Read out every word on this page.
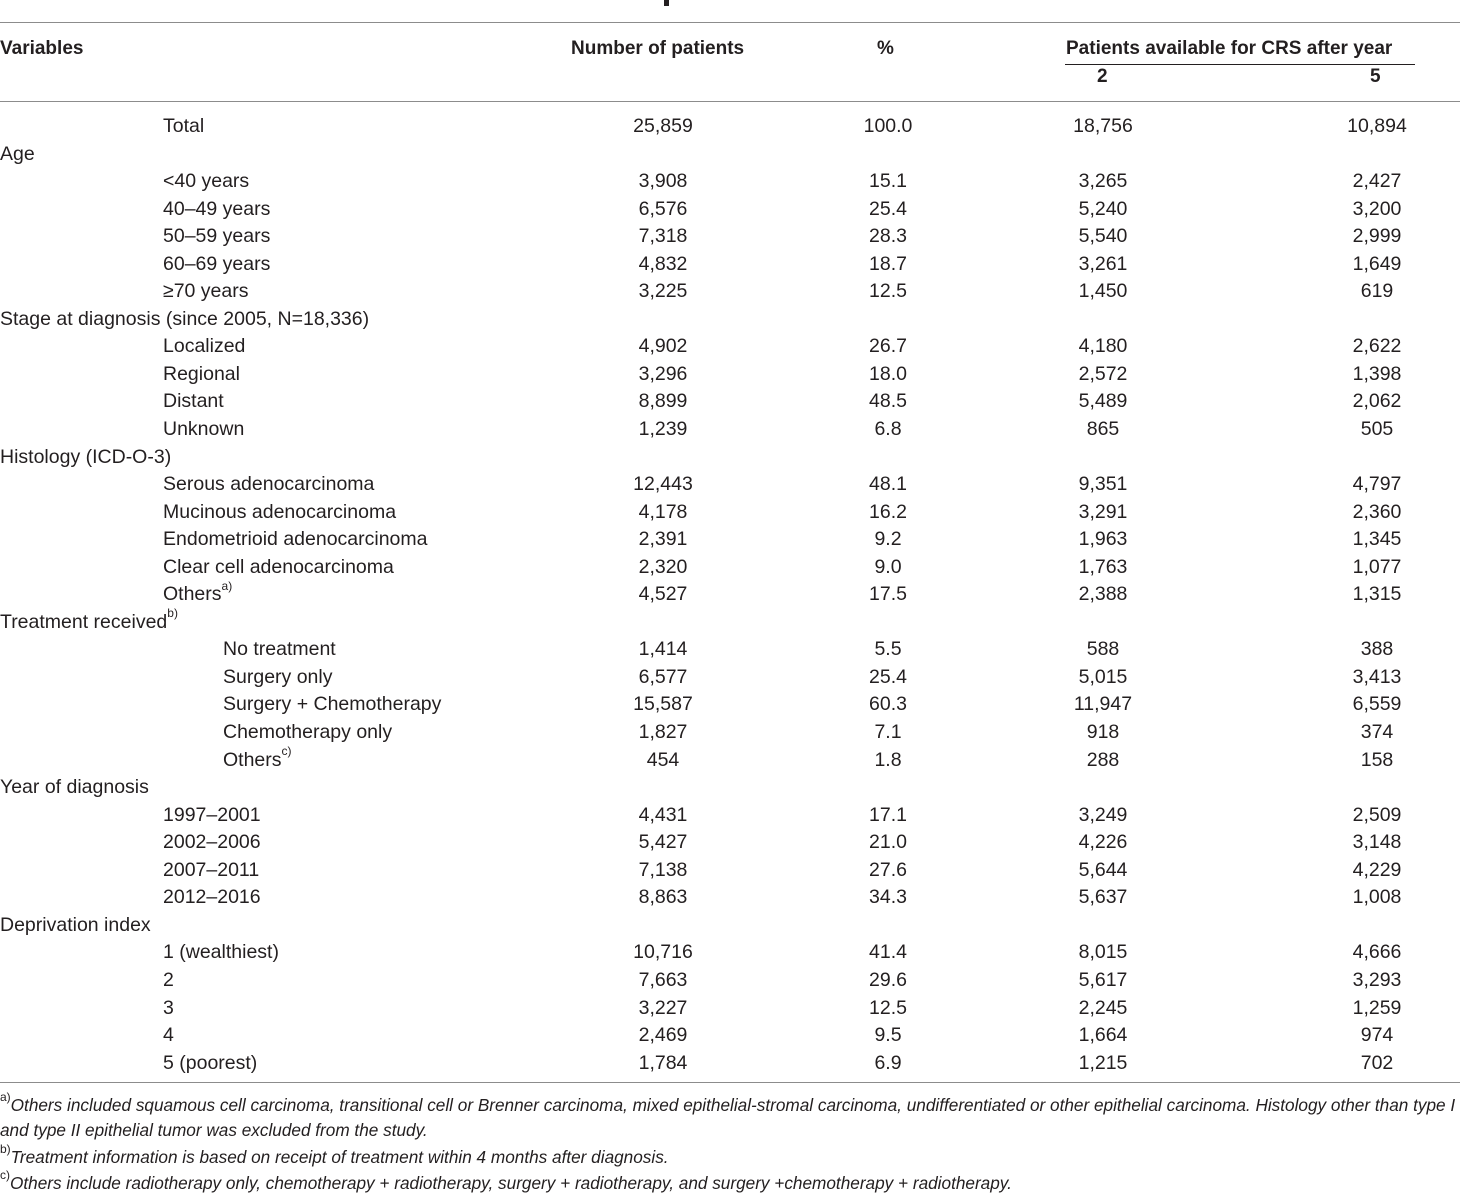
Variables	Number of patients	%	Patients available for CRS after year
2	5
Total	25,859	100.0	18,756	10,894
Age
<40 years	3,908	15.1	3,265	2,427
40–49 years	6,576	25.4	5,240	3,200
50–59 years	7,318	28.3	5,540	2,999
60–69 years	4,832	18.7	3,261	1,649
≥70 years	3,225	12.5	1,450	619
Stage at diagnosis (since 2005, N=18,336)
Localized	4,902	26.7	4,180	2,622
Regional	3,296	18.0	2,572	1,398
Distant	8,899	48.5	5,489	2,062
Unknown	1,239	6.8	865	505
Histology (ICD-O-3)
Serous adenocarcinoma	12,443	48.1	9,351	4,797
Mucinous adenocarcinoma	4,178	16.2	3,291	2,360
Endometrioid adenocarcinoma	2,391	9.2	1,963	1,345
Clear cell adenocarcinoma	2,320	9.0	1,763	1,077
Others$^{a)}$	4,527	17.5	2,388	1,315
Treatment received$^{b)}$
No treatment	1,414	5.5	588	388
Surgery only	6,577	25.4	5,015	3,413
Surgery + Chemotherapy	15,587	60.3	11,947	6,559
Chemotherapy only	1,827	7.1	918	374
Others$^{c)}$	454	1.8	288	158
Year of diagnosis
1997–2001	4,431	17.1	3,249	2,509
2002–2006	5,427	21.0	4,226	3,148
2007–2011	7,138	27.6	5,644	4,229
2012–2016	8,863	34.3	5,637	1,008
Deprivation index
1 (wealthiest)	10,716	41.4	8,015	4,666
2	7,663	29.6	5,617	3,293
3	3,227	12.5	2,245	1,259
4	2,469	9.5	1,664	974
5 (poorest)	1,784	6.9	1,215	702
$^{a)}$Others included squamous cell carcinoma, transitional cell or Brenner carcinoma, mixed epithelial-stromal carcinoma, undifferentiated or other epithelial carcinoma. Histology other than type I and type II epithelial tumor was excluded from the study.
$^{b)}$Treatment information is based on receipt of treatment within 4 months after diagnosis.
$^{c)}$Others include radiotherapy only, chemotherapy + radiotherapy, surgery + radiotherapy, and surgery +chemotherapy + radiotherapy.
